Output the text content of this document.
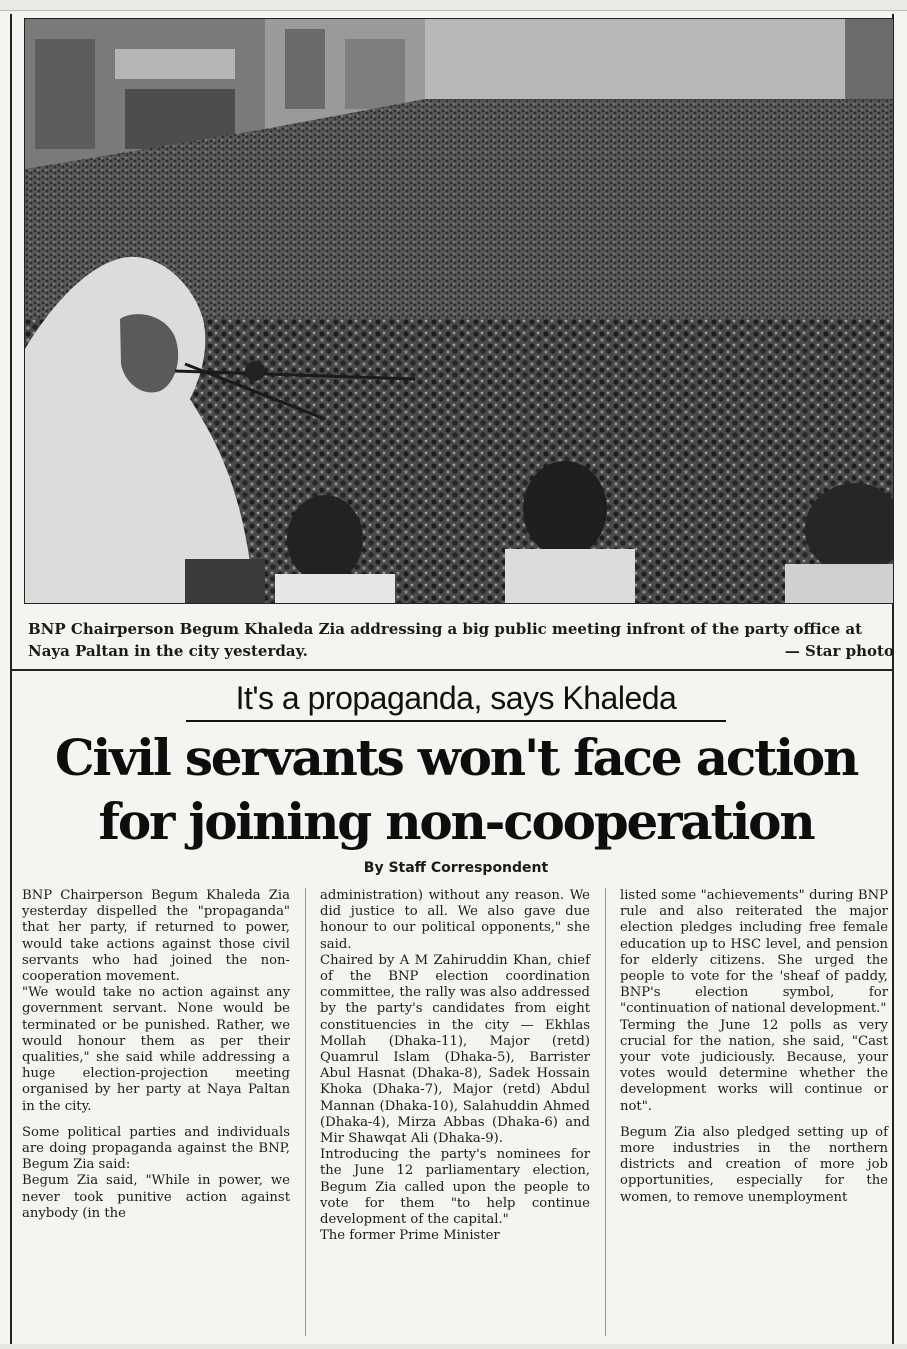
BNP Chairperson Begum Khaleda Zia addressing a big public meeting infront of the party office at Naya Paltan in the city yesterday.	— Star photo
It's a propaganda, says Khaleda
Civil servants won't face action
for joining non-cooperation
By Staff Correspondent

BNP Chairperson Begum Khaleda Zia yesterday dispelled the "propaganda" that her party, if returned to power, would take actions against those civil servants who had joined the non-cooperation movement.

"We would take no action against any government servant. None would be terminated or be punished. Rather, we would honour them as per their qualities," she said while addressing a huge election-projection meeting organised by her party at Naya Paltan in the city.

Some political parties and individuals are doing propaganda against the BNP, Begum Zia said:

Begum Zia said, "While in power, we never took punitive action against anybody (in the

administration) without any reason. We did justice to all. We also gave due honour to our political opponents," she said.

Chaired by A M Zahiruddin Khan, chief of the BNP election coordination committee, the rally was also addressed by the party's candidates from eight constituencies in the city — Ekhlas Mollah (Dhaka-11), Major (retd) Quamrul Islam (Dhaka-5), Barrister Abul Hasnat (Dhaka-8), Sadek Hossain Khoka (Dhaka-7), Major (retd) Abdul Mannan (Dhaka-10), Salahuddin Ahmed (Dhaka-4), Mirza Abbas (Dhaka-6) and Mir Shawqat Ali (Dhaka-9).

Introducing the party's nominees for the June 12 parliamentary election, Begum Zia called upon the people to vote for them "to help continue development of the capital."

The former Prime Minister

listed some "achievements" during BNP rule and also reiterated the major election pledges including free female education up to HSC level, and pension for elderly citizens. She urged the people to vote for the 'sheaf of paddy, BNP's election symbol, for "continuation of national development."

Terming the June 12 polls as very crucial for the nation, she said, "Cast your vote judiciously. Because, your votes would determine whether the development works will continue or not".

Begum Zia also pledged setting up of more industries in the northern districts and creation of more job opportunities, especially for the women, to remove unemployment
